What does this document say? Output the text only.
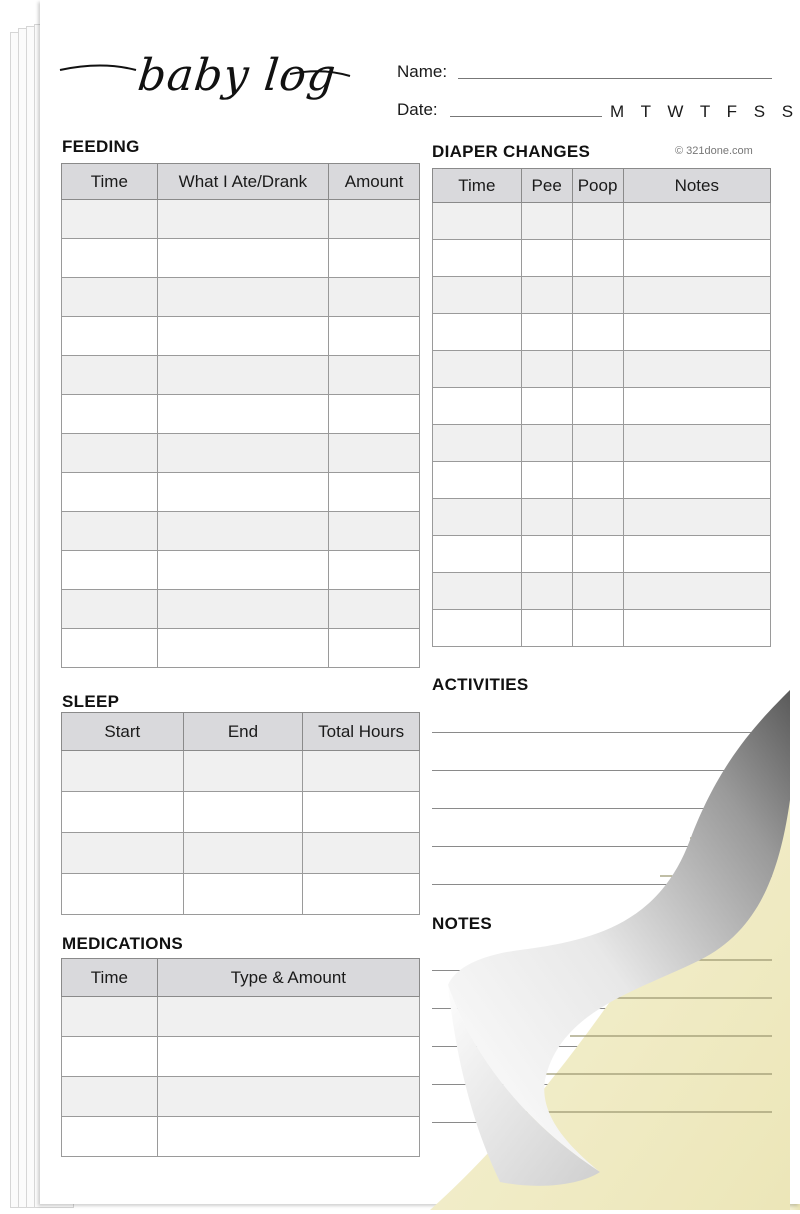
baby log	Name:
Date:	M T W T F S S
© 321done.com
FEEDING
Time	What I Ate/Drank	Amount

DIAPER CHANGES
Time	Pee	Poop	Notes

SLEEP
Start	End	Total Hours

MEDICATIONS
Time	Type & Amount

ACTIVITIES
NOTES
